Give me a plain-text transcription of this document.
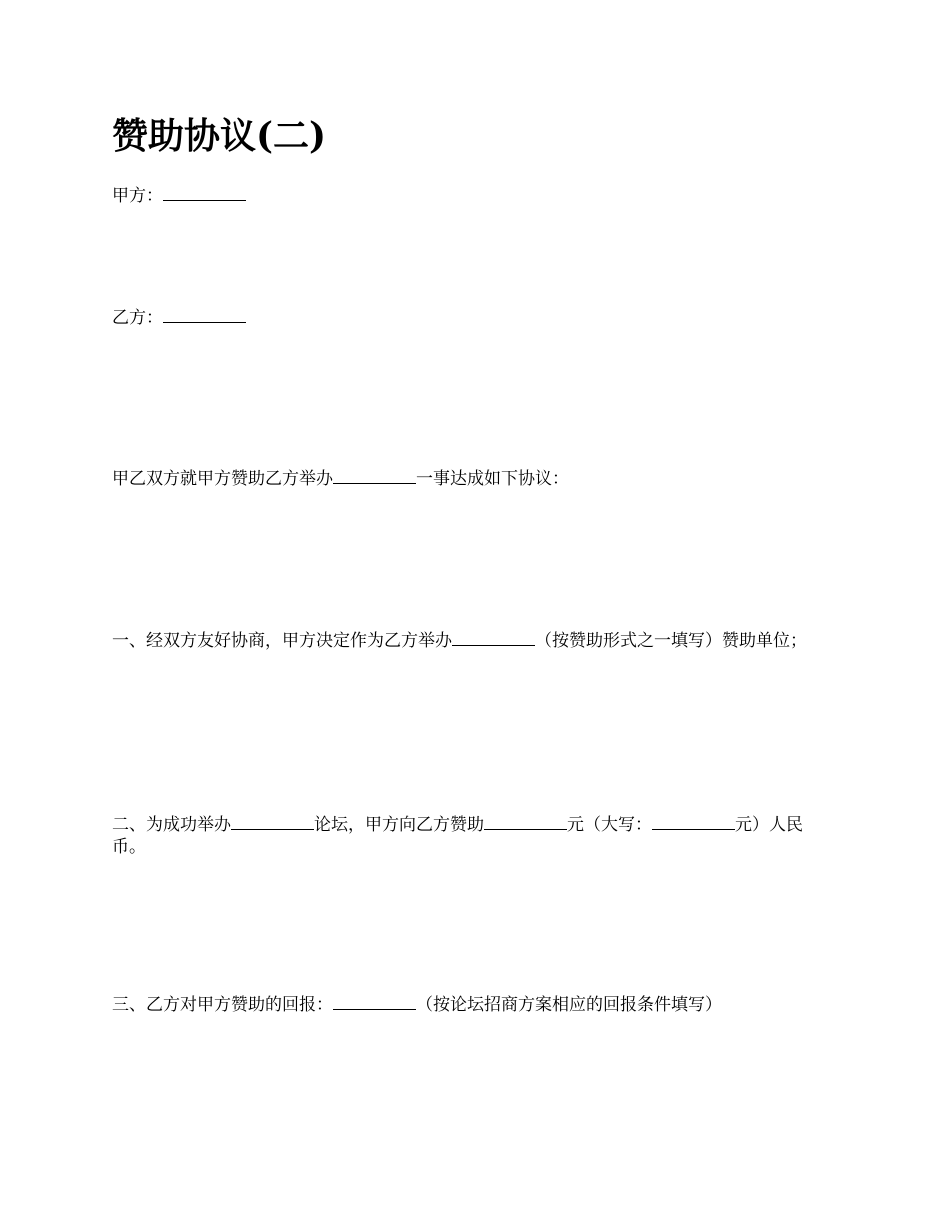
赞助协议(二)

甲方：

乙方：

甲乙双方就甲方赞助乙方举办	一事达成如下协议：

一、经双方友好协商，甲方决定作为乙方举办	（按赞助形式之一填写）赞助单位；

二、为成功举办	论坛，甲方向乙方赞助	元（大写：	元）人民币。

三、乙方对甲方赞助的回报：	（按论坛招商方案相应的回报条件填写）
